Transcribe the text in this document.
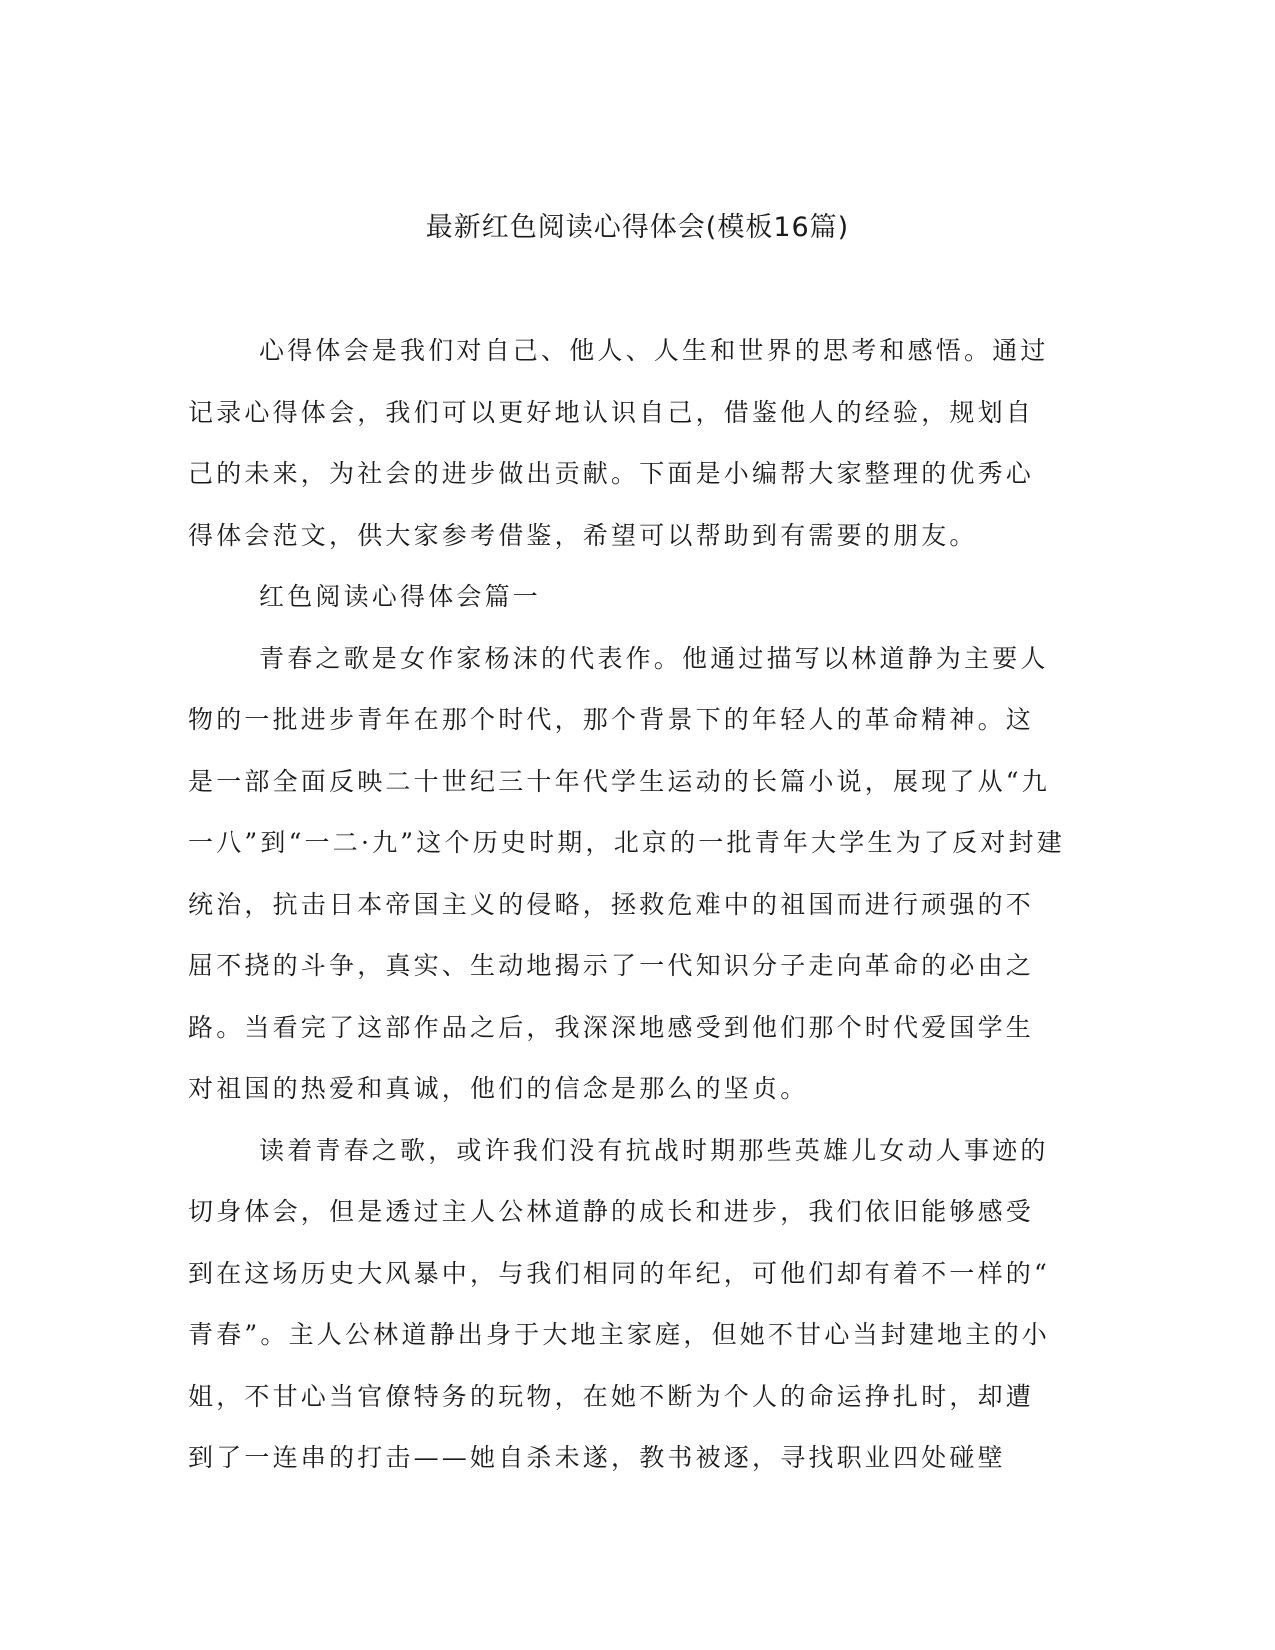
最新红色阅读心得体会(模板16篇)
心得体会是我们对自己、他人、人生和世界的思考和感悟。通过
记录心得体会，我们可以更好地认识自己，借鉴他人的经验，规划自
己的未来，为社会的进步做出贡献。下面是小编帮大家整理的优秀心
得体会范文，供大家参考借鉴，希望可以帮助到有需要的朋友。
红色阅读心得体会篇一
青春之歌是女作家杨沫的代表作。他通过描写以林道静为主要人
物的一批进步青年在那个时代，那个背景下的年轻人的革命精神。这
是一部全面反映二十世纪三十年代学生运动的长篇小说，展现了从“九
一八”到“一二·九”这个历史时期，北京的一批青年大学生为了反对封建
统治，抗击日本帝国主义的侵略，拯救危难中的祖国而进行顽强的不
屈不挠的斗争，真实、生动地揭示了一代知识分子走向革命的必由之
路。当看完了这部作品之后，我深深地感受到他们那个时代爱国学生
对祖国的热爱和真诚，他们的信念是那么的坚贞。
读着青春之歌，或许我们没有抗战时期那些英雄儿女动人事迹的
切身体会，但是透过主人公林道静的成长和进步，我们依旧能够感受
到在这场历史大风暴中，与我们相同的年纪，可他们却有着不一样的“
青春”。主人公林道静出身于大地主家庭，但她不甘心当封建地主的小
姐，不甘心当官僚特务的玩物，在她不断为个人的命运挣扎时，却遭
到了一连串的打击——她自杀未遂，教书被逐，寻找职业四处碰壁
